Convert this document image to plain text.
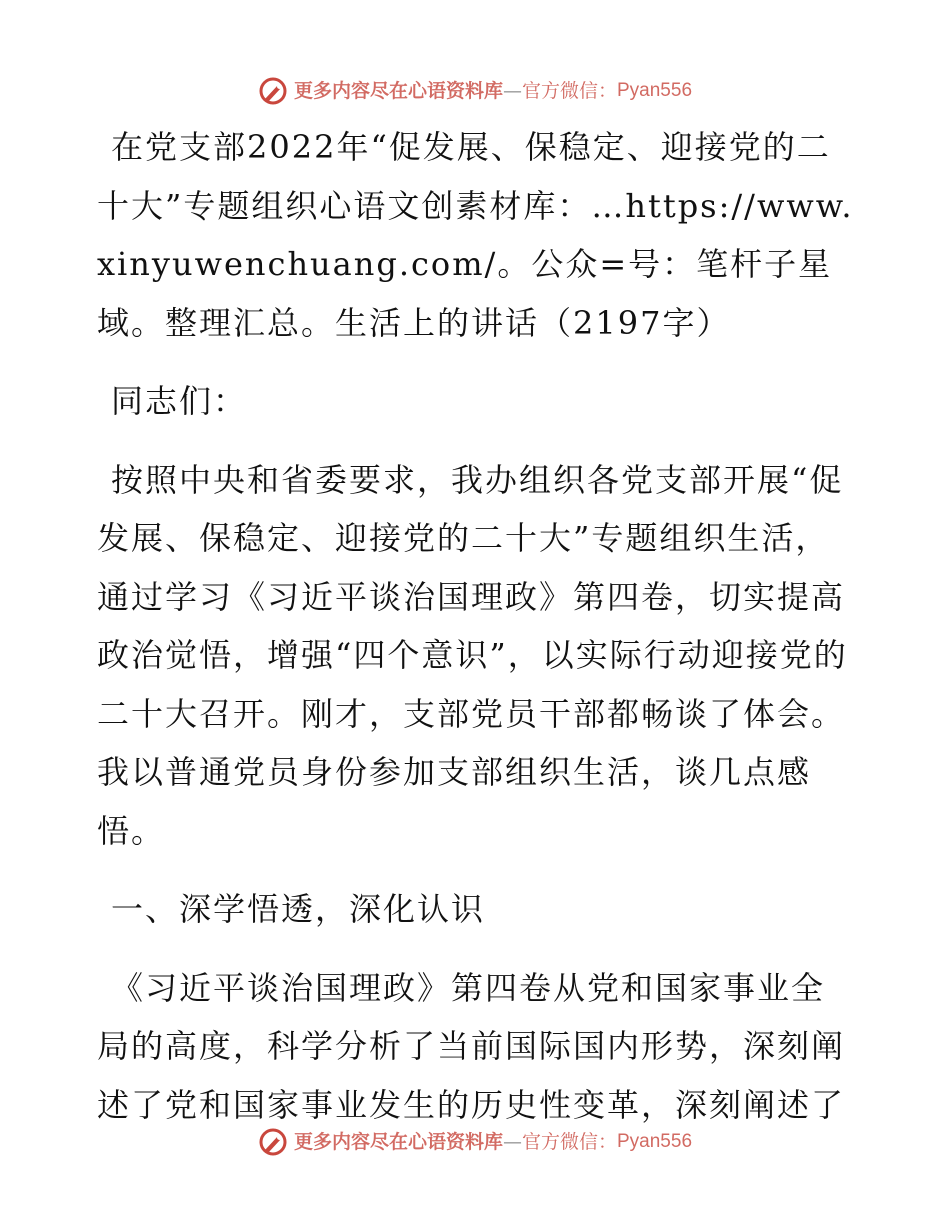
更多内容尽在心语资料库 — 官方微信： Pyan556

在党支部2022年“促发展、保稳定、迎接党的二十大”专题组织心语文创素材库：…https://www.xinyuwenchuang.com/。公众=号：笔杆子星域。整理汇总。生活上的讲话（2197字）

同志们：

按照中央和省委要求，我办组织各党支部开展“促发展、保稳定、迎接党的二十大”专题组织生活，通过学习《习近平谈治国理政》第四卷，切实提高政治觉悟，增强“四个意识”，以实际行动迎接党的二十大召开。刚才，支部党员干部都畅谈了体会。我以普通党员身份参加支部组织生活，谈几点感悟。

一、深学悟透，深化认识

《习近平谈治国理政》第四卷从党和国家事业全局的高度，科学分析了当前国际国内形势，深刻阐述了党和国家事业发生的历史性变革，深刻阐述了

更多内容尽在心语资料库 — 官方微信： Pyan556
